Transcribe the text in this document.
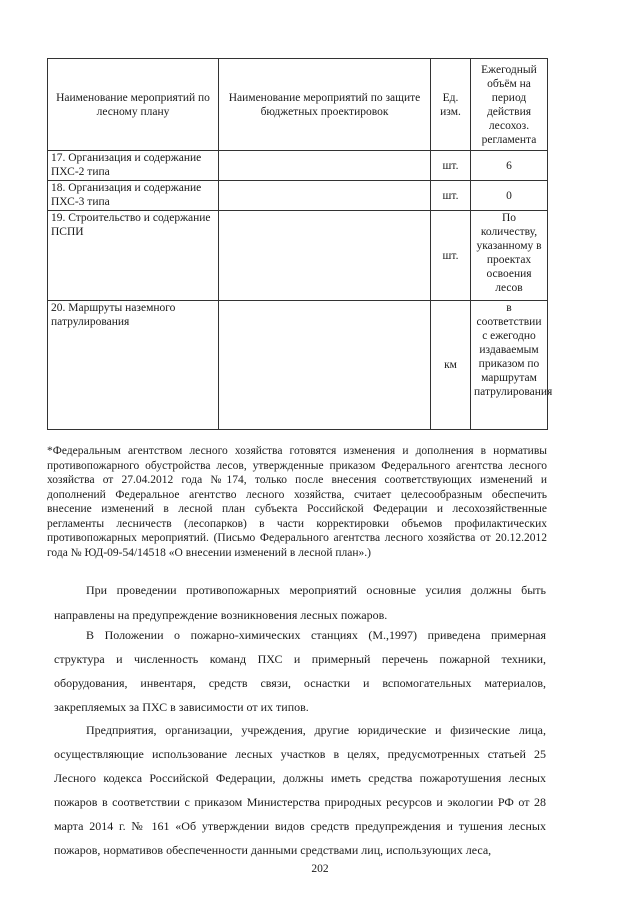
Наименование мероприятий по лесному плану	Наименование мероприятий по защите бюджетных проектировок	Ед. изм.	Ежегодный объём на период действия лесохоз. регламента
17. Организация и содержание ПХС-2 типа		шт.	6
18. Организация и содержание ПХС-3 типа		шт.	0
19. Строительство и содержание ПСПИ		шт.	По количеству, указанному в проектах освоения лесов
20. Маршруты наземного патрулирования		км	в соответствии с ежегодно издаваемым приказом по маршрутам патрулирования
*Федеральным агентством лесного хозяйства готовятся изменения и дополнения в нормативы противопожарного обустройства лесов, утвержденные приказом Федерального агентства лесного хозяйства от 27.04.2012 года №174, только после внесения соответствующих изменений и дополнений Федеральное агентство лесного хозяйства, считает целесообразным обеспечить внесение изменений в лесной план субъекта Российской Федерации и лесохозяйственные регламенты лесничеств (лесопарков) в части корректировки объемов профилактических противопожарных мероприятий. (Письмо Федерального агентства лесного хозяйства от 20.12.2012 года № ЮД-09-54/14518 «О внесении изменений в лесной план».)
При проведении противопожарных мероприятий основные усилия должны быть направлены на предупреждение возникновения лесных пожаров.
В Положении о пожарно-химических станциях (М.,1997) приведена примерная структура и численность команд ПХС и примерный перечень пожарной техники, оборудования, инвентаря, средств связи, оснастки и вспомогательных материалов, закрепляемых за ПХС в зависимости от их типов.
Предприятия, организации, учреждения, другие юридические и физические лица, осуществляющие использование лесных участков в целях, предусмотренных статьей 25 Лесного кодекса Российской Федерации, должны иметь средства пожаротушения лесных пожаров в соответствии с приказом Министерства природных ресурсов и экологии РФ от 28 марта 2014 г. № 161 «Об утверждении видов средств предупреждения и тушения лесных пожаров, нормативов обеспеченности данными средствами лиц, использующих леса,
202
